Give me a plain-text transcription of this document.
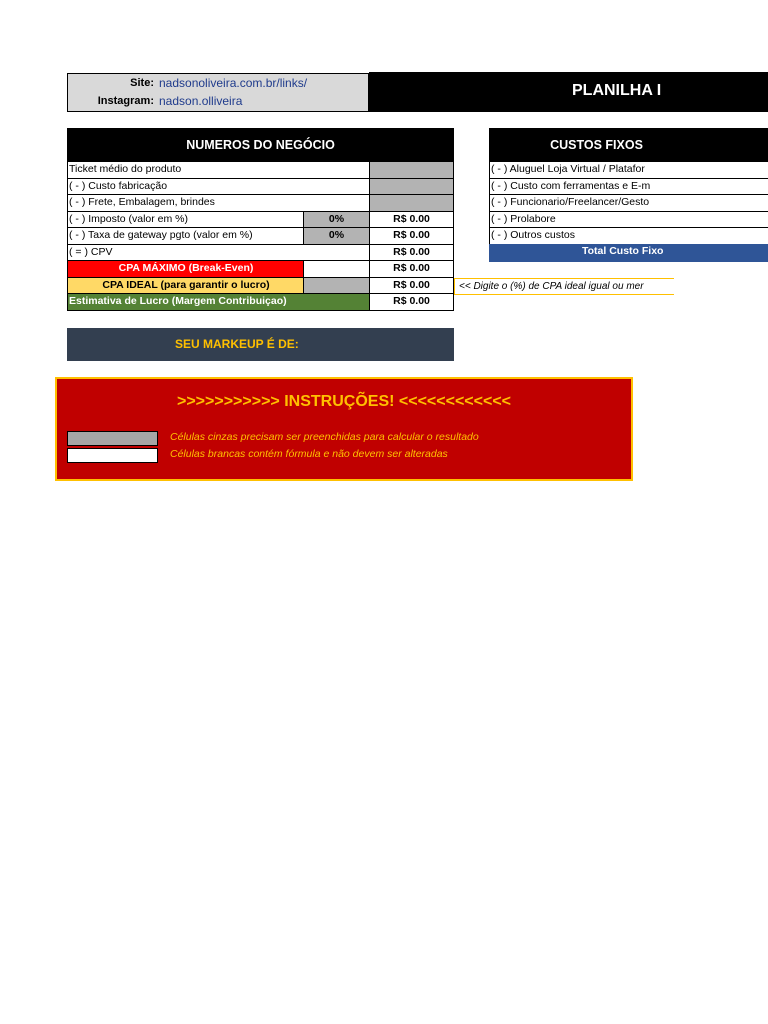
Site: nadsonoliveira.com.br/links/
Instagram: nadson.olliveira
PLANILHA I
NUMEROS DO NEGÓCIO
Ticket médio do produto
( - ) Custo fabricação
( - ) Frete, Embalagem, brindes
( - ) Imposto (valor em %)	0%	R$ 0.00
( - ) Taxa de gateway pgto (valor em %)	0%	R$ 0.00
( = ) CPV	R$ 0.00
CPA MÁXIMO (Break-Even)	R$ 0.00
CPA IDEAL (para garantir o lucro)	R$ 0.00
Estimativa de Lucro (Margem Contribuiçao)	R$ 0.00
<< Digite o (%) de CPA ideal igual ou mer
SEU MARKEUP É DE:
CUSTOS FIXOS
( - ) Aluguel Loja Virtual / Platafor
( - ) Custo com ferramentas e E-m
( - ) Funcionario/Freelancer/Gesto
( - ) Prolabore
( - ) Outros custos
Total Custo Fixo
>>>>>>>>>>> INSTRUÇÕES! <<<<<<<<<<<<
Células cinzas precisam ser preenchidas para calcular o resultado
Células brancas contém fórmula e não devem ser alteradas
